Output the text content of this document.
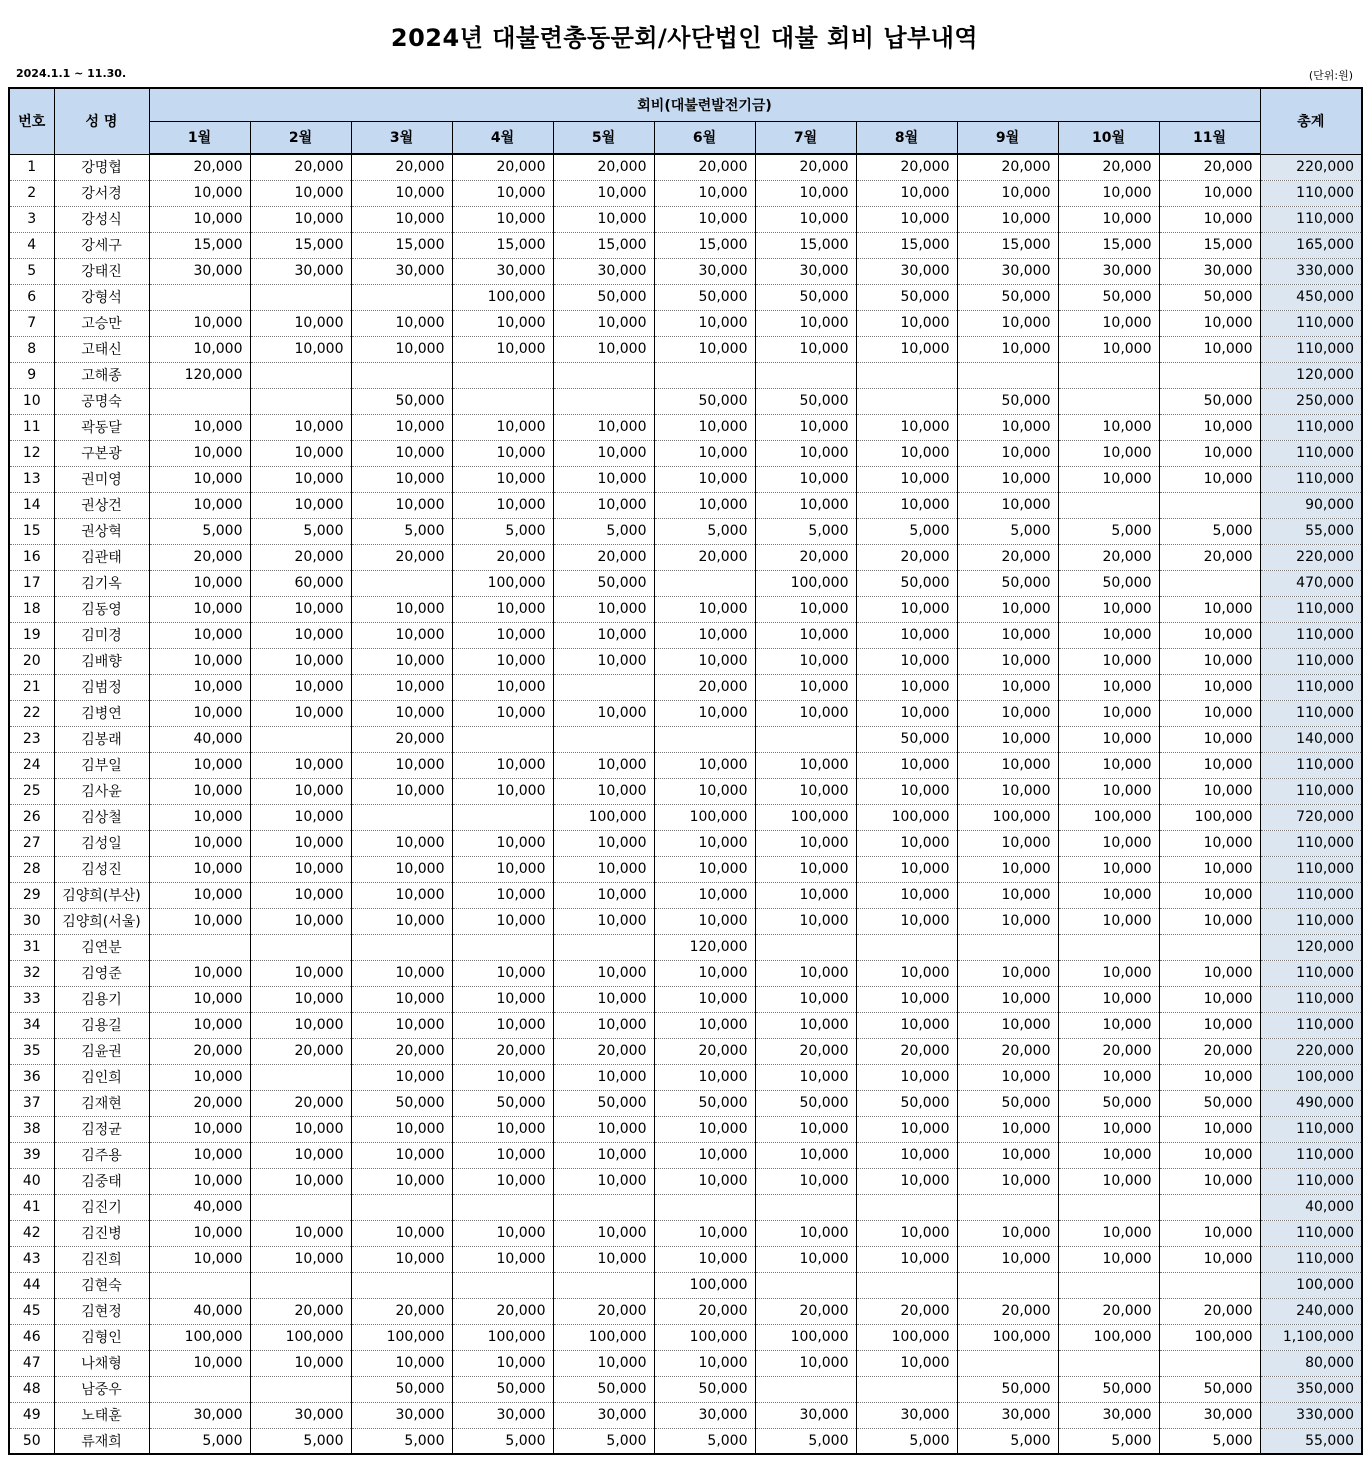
2024년 대불련총동문회/사단법인 대불 회비 납부내역
2024.1.1 ~ 11.30.	(단위:원)
번호	성 명	회비(대불련발전기금)											총계
		1월	2월	3월	4월	5월	6월	7월	8월	9월	10월	11월	
1	강명협	20,000	20,000	20,000	20,000	20,000	20,000	20,000	20,000	20,000	20,000	20,000	220,000
2	강서경	10,000	10,000	10,000	10,000	10,000	10,000	10,000	10,000	10,000	10,000	10,000	110,000
3	강성식	10,000	10,000	10,000	10,000	10,000	10,000	10,000	10,000	10,000	10,000	10,000	110,000
4	강세구	15,000	15,000	15,000	15,000	15,000	15,000	15,000	15,000	15,000	15,000	15,000	165,000
5	강태진	30,000	30,000	30,000	30,000	30,000	30,000	30,000	30,000	30,000	30,000	30,000	330,000
6	강형석				100,000	50,000	50,000	50,000	50,000	50,000	50,000	50,000	450,000
7	고승만	10,000	10,000	10,000	10,000	10,000	10,000	10,000	10,000	10,000	10,000	10,000	110,000
8	고태신	10,000	10,000	10,000	10,000	10,000	10,000	10,000	10,000	10,000	10,000	10,000	110,000
9	고해종	120,000											120,000
10	공명숙			50,000			50,000	50,000		50,000		50,000	250,000
11	곽동달	10,000	10,000	10,000	10,000	10,000	10,000	10,000	10,000	10,000	10,000	10,000	110,000
12	구본광	10,000	10,000	10,000	10,000	10,000	10,000	10,000	10,000	10,000	10,000	10,000	110,000
13	권미영	10,000	10,000	10,000	10,000	10,000	10,000	10,000	10,000	10,000	10,000	10,000	110,000
14	권상건	10,000	10,000	10,000	10,000	10,000	10,000	10,000	10,000	10,000			90,000
15	권상혁	5,000	5,000	5,000	5,000	5,000	5,000	5,000	5,000	5,000	5,000	5,000	55,000
16	김관태	20,000	20,000	20,000	20,000	20,000	20,000	20,000	20,000	20,000	20,000	20,000	220,000
17	김기옥	10,000	60,000		100,000	50,000		100,000	50,000	50,000	50,000		470,000
18	김동영	10,000	10,000	10,000	10,000	10,000	10,000	10,000	10,000	10,000	10,000	10,000	110,000
19	김미경	10,000	10,000	10,000	10,000	10,000	10,000	10,000	10,000	10,000	10,000	10,000	110,000
20	김배향	10,000	10,000	10,000	10,000	10,000	10,000	10,000	10,000	10,000	10,000	10,000	110,000
21	김범정	10,000	10,000	10,000	10,000		20,000	10,000	10,000	10,000	10,000	10,000	110,000
22	김병연	10,000	10,000	10,000	10,000	10,000	10,000	10,000	10,000	10,000	10,000	10,000	110,000
23	김봉래	40,000		20,000					50,000	10,000	10,000	10,000	140,000
24	김부일	10,000	10,000	10,000	10,000	10,000	10,000	10,000	10,000	10,000	10,000	10,000	110,000
25	김사윤	10,000	10,000	10,000	10,000	10,000	10,000	10,000	10,000	10,000	10,000	10,000	110,000
26	김상철	10,000	10,000			100,000	100,000	100,000	100,000	100,000	100,000	100,000	720,000
27	김성일	10,000	10,000	10,000	10,000	10,000	10,000	10,000	10,000	10,000	10,000	10,000	110,000
28	김성진	10,000	10,000	10,000	10,000	10,000	10,000	10,000	10,000	10,000	10,000	10,000	110,000
29	김양희(부산)	10,000	10,000	10,000	10,000	10,000	10,000	10,000	10,000	10,000	10,000	10,000	110,000
30	김양희(서울)	10,000	10,000	10,000	10,000	10,000	10,000	10,000	10,000	10,000	10,000	10,000	110,000
31	김연분						120,000						120,000
32	김영준	10,000	10,000	10,000	10,000	10,000	10,000	10,000	10,000	10,000	10,000	10,000	110,000
33	김용기	10,000	10,000	10,000	10,000	10,000	10,000	10,000	10,000	10,000	10,000	10,000	110,000
34	김용길	10,000	10,000	10,000	10,000	10,000	10,000	10,000	10,000	10,000	10,000	10,000	110,000
35	김윤권	20,000	20,000	20,000	20,000	20,000	20,000	20,000	20,000	20,000	20,000	20,000	220,000
36	김인희	10,000		10,000	10,000	10,000	10,000	10,000	10,000	10,000	10,000	10,000	100,000
37	김재현	20,000	20,000	50,000	50,000	50,000	50,000	50,000	50,000	50,000	50,000	50,000	490,000
38	김정균	10,000	10,000	10,000	10,000	10,000	10,000	10,000	10,000	10,000	10,000	10,000	110,000
39	김주용	10,000	10,000	10,000	10,000	10,000	10,000	10,000	10,000	10,000	10,000	10,000	110,000
40	김중태	10,000	10,000	10,000	10,000	10,000	10,000	10,000	10,000	10,000	10,000	10,000	110,000
41	김진기	40,000											40,000
42	김진병	10,000	10,000	10,000	10,000	10,000	10,000	10,000	10,000	10,000	10,000	10,000	110,000
43	김진희	10,000	10,000	10,000	10,000	10,000	10,000	10,000	10,000	10,000	10,000	10,000	110,000
44	김현숙						100,000						100,000
45	김현정	40,000	20,000	20,000	20,000	20,000	20,000	20,000	20,000	20,000	20,000	20,000	240,000
46	김형인	100,000	100,000	100,000	100,000	100,000	100,000	100,000	100,000	100,000	100,000	100,000	1,100,000
47	나채형	10,000	10,000	10,000	10,000	10,000	10,000	10,000	10,000				80,000
48	남중우			50,000	50,000	50,000	50,000			50,000	50,000	50,000	350,000
49	노태훈	30,000	30,000	30,000	30,000	30,000	30,000	30,000	30,000	30,000	30,000	30,000	330,000
50	류재희	5,000	5,000	5,000	5,000	5,000	5,000	5,000	5,000	5,000	5,000	5,000	55,000
